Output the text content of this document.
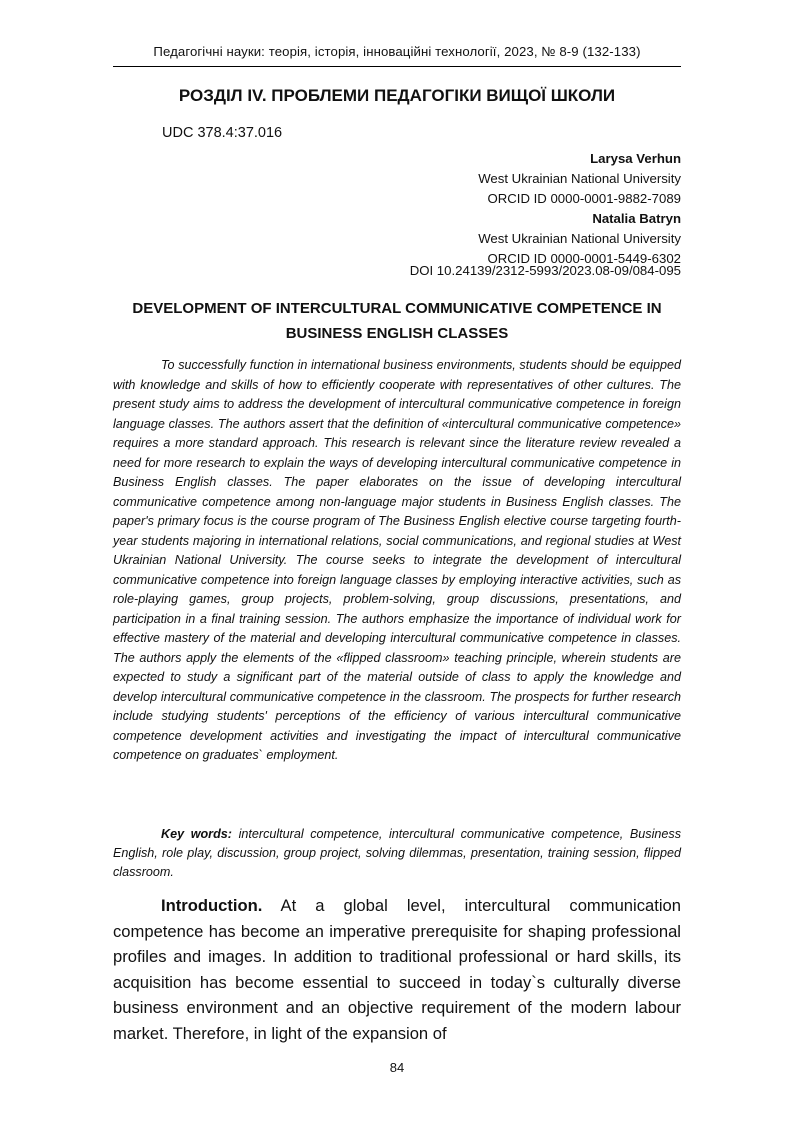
Педагогічні науки: теорія, історія, інноваційні технології, 2023, № 8-9 (132-133)
РОЗДІЛ IV. ПРОБЛЕМИ ПЕДАГОГІКИ ВИЩОЇ ШКОЛИ
UDC 378.4:37.016
Larysa Verhun
West Ukrainian National University
ORCID ID 0000-0001-9882-7089
Natalia Batryn
West Ukrainian National University
ORCID ID 0000-0001-5449-6302
DOI 10.24139/2312-5993/2023.08-09/084-095
DEVELOPMENT OF INTERCULTURAL COMMUNICATIVE COMPETENCE IN BUSINESS ENGLISH CLASSES

To successfully function in international business environments, students should be equipped with knowledge and skills of how to efficiently cooperate with representatives of other cultures. The present study aims to address the development of intercultural communicative competence in foreign language classes. The authors assert that the definition of «intercultural communicative competence» requires a more standard approach. This research is relevant since the literature review revealed a need for more research to explain the ways of developing intercultural communicative competence in Business English classes. The paper elaborates on the issue of developing intercultural communicative competence among non-language major students in Business English classes. The paper's primary focus is the course program of The Business English elective course targeting fourth-year students majoring in international relations, social communications, and regional studies at West Ukrainian National University. The course seeks to integrate the development of intercultural communicative competence into foreign language classes by employing interactive activities, such as role-playing games, group projects, problem-solving, group discussions, presentations, and participation in a final training session. The authors emphasize the importance of individual work for effective mastery of the material and developing intercultural communicative competence in classes. The authors apply the elements of the «flipped classroom» teaching principle, wherein students are expected to study a significant part of the material outside of class to apply the knowledge and develop intercultural communicative competence in the classroom. The prospects for further research include studying students' perceptions of the efficiency of various intercultural communicative competence development activities and investigating the impact of intercultural communicative competence on graduates` employment.

Key words: intercultural competence, intercultural communicative competence, Business English, role play, discussion, group project, solving dilemmas, presentation, training session, flipped classroom.

Introduction. At a global level, intercultural communication competence has become an imperative prerequisite for shaping professional profiles and images. In addition to traditional professional or hard skills, its acquisition has become essential to succeed in today`s culturally diverse business environment and an objective requirement of the modern labour market. Therefore, in light of the expansion of

84
